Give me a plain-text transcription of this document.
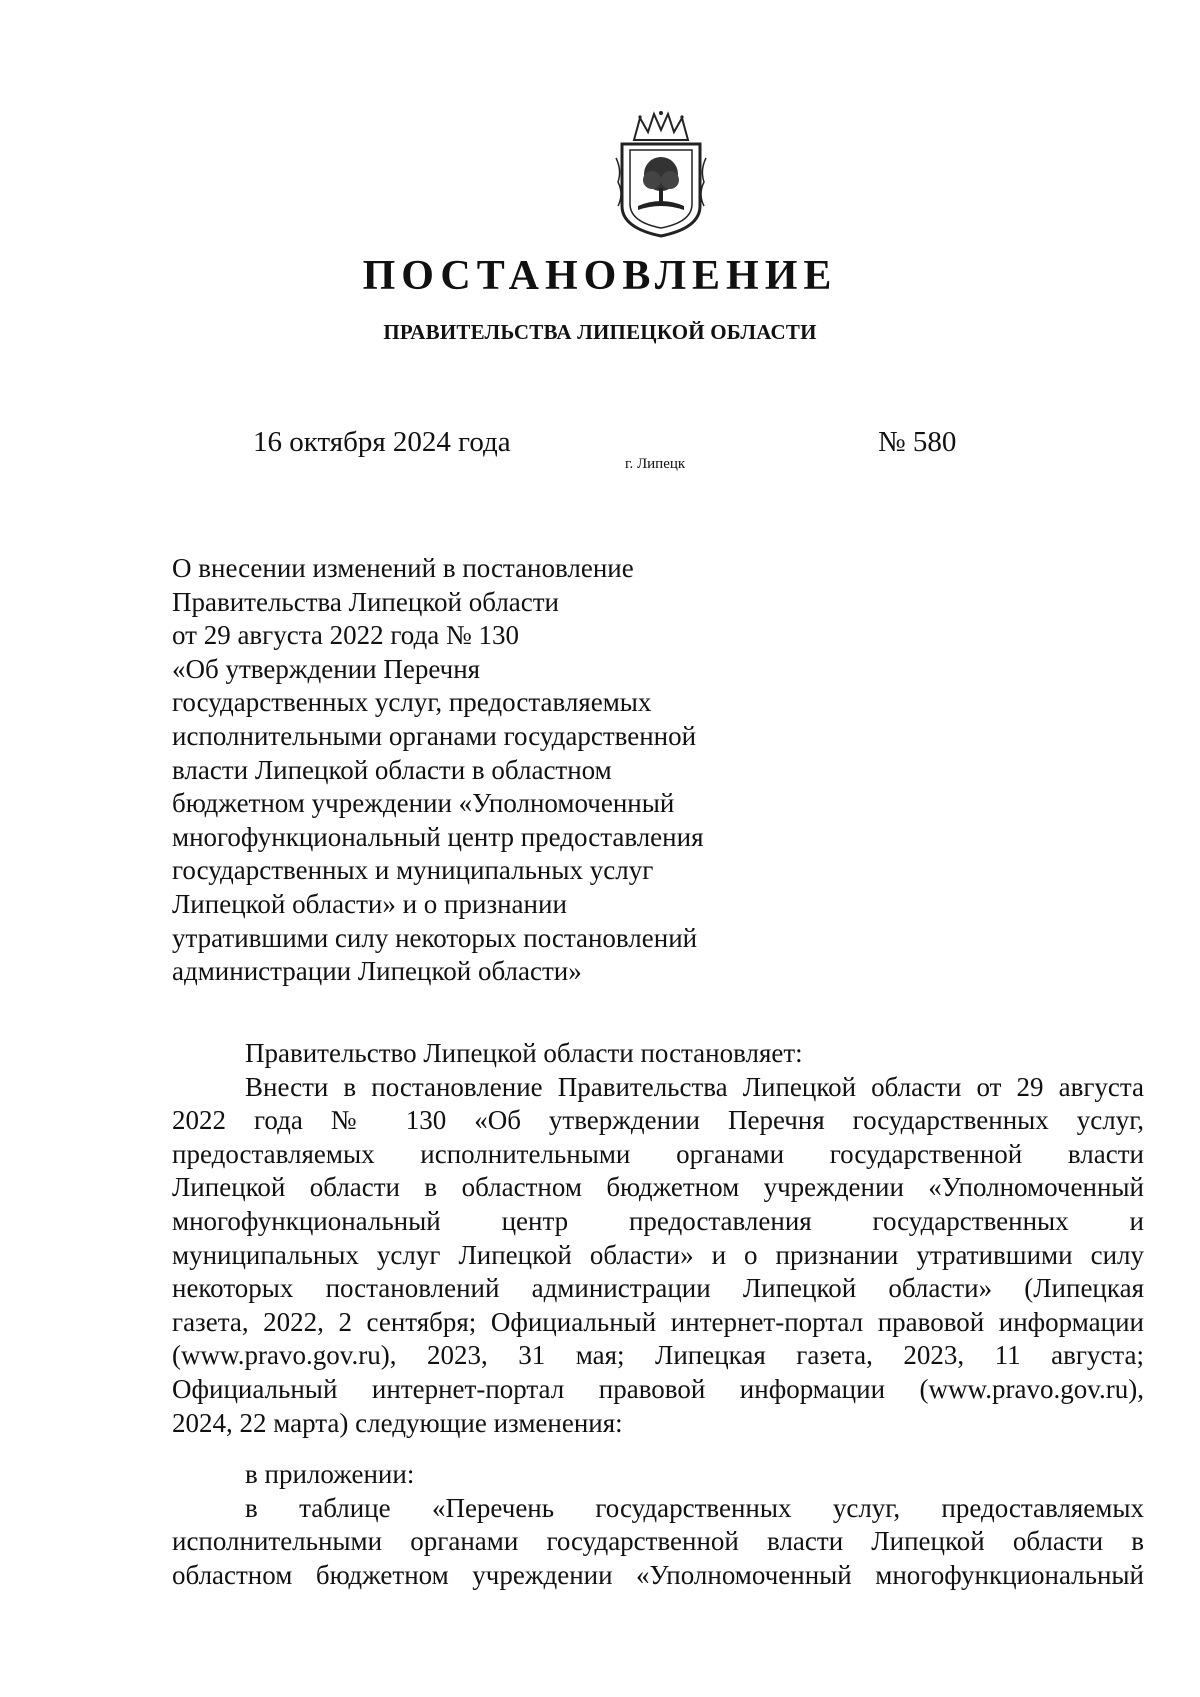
ПОСТАНОВЛЕНИЕ
ПРАВИТЕЛЬСТВА ЛИПЕЦКОЙ ОБЛАСТИ
16 октября 2024 года
г. Липецк
№ 580
О внесении изменений в постановление
Правительства Липецкой области
от 29 августа 2022 года № 130
«Об утверждении Перечня
государственных услуг, предоставляемых
исполнительными органами государственной
власти Липецкой области в областном
бюджетном учреждении «Уполномоченный
многофункциональный центр предоставления
государственных и муниципальных услуг
Липецкой области» и о признании
утратившими силу некоторых постановлений
администрации Липецкой области»
Правительство Липецкой области постановляет:
Внести в постановление Правительства Липецкой области от 29 августа
2022 года № 130 «Об утверждении Перечня государственных услуг,
предоставляемых исполнительными органами государственной власти
Липецкой области в областном бюджетном учреждении «Уполномоченный
многофункциональный центр предоставления государственных и
муниципальных услуг Липецкой области» и о признании утратившими силу
некоторых постановлений администрации Липецкой области» (Липецкая
газета, 2022, 2 сентября; Официальный интернет-портал правовой информации
(www.pravo.gov.ru), 2023, 31 мая; Липецкая газета, 2023, 11 августа;
Официальный интернет-портал правовой информации (www.pravo.gov.ru),
2024, 22 марта) следующие изменения:
в приложении:
в таблице «Перечень государственных услуг, предоставляемых
исполнительными органами государственной власти Липецкой области в
областном бюджетном учреждении «Уполномоченный многофункциональный
